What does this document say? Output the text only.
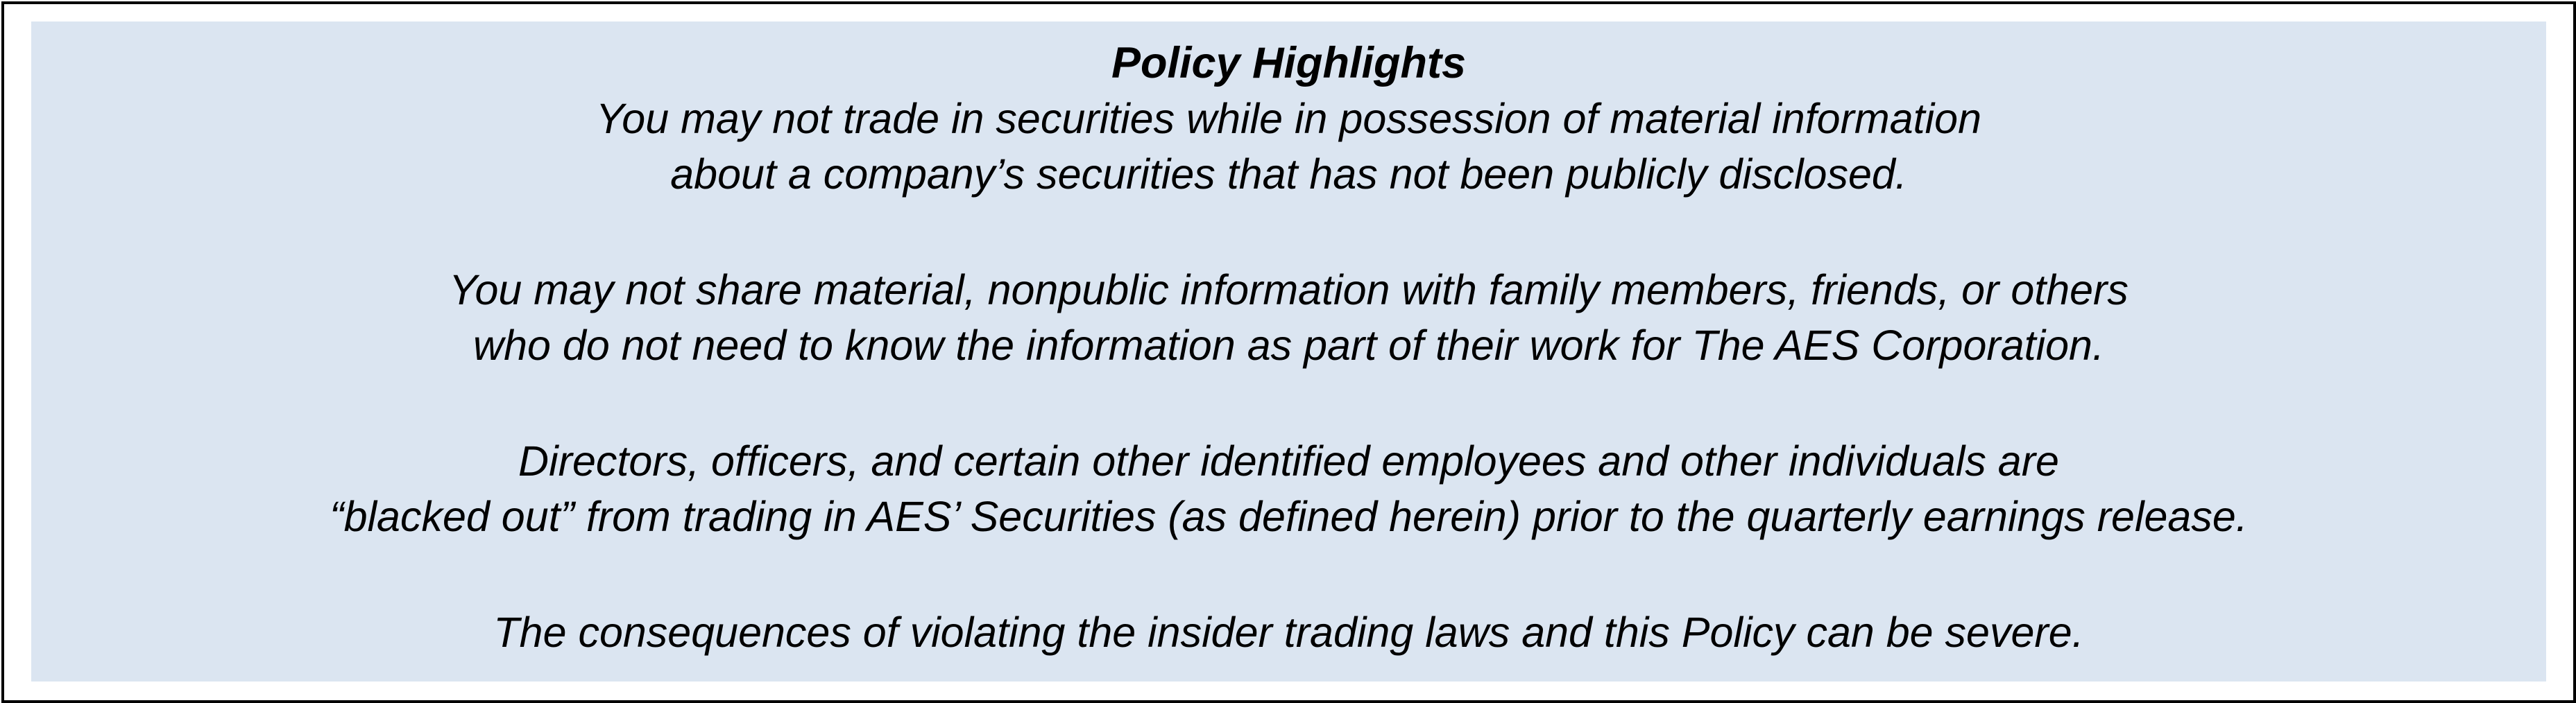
Policy Highlights

You may not trade in securities while in possession of material information
about a company’s securities that has not been publicly disclosed.

You may not share material, nonpublic information with family members, friends, or others
who do not need to know the information as part of their work for The AES Corporation.

Directors, officers, and certain other identified employees and other individuals are
“blacked out” from trading in AES’ Securities (as defined herein) prior to the quarterly earnings release.

The consequences of violating the insider trading laws and this Policy can be severe.
